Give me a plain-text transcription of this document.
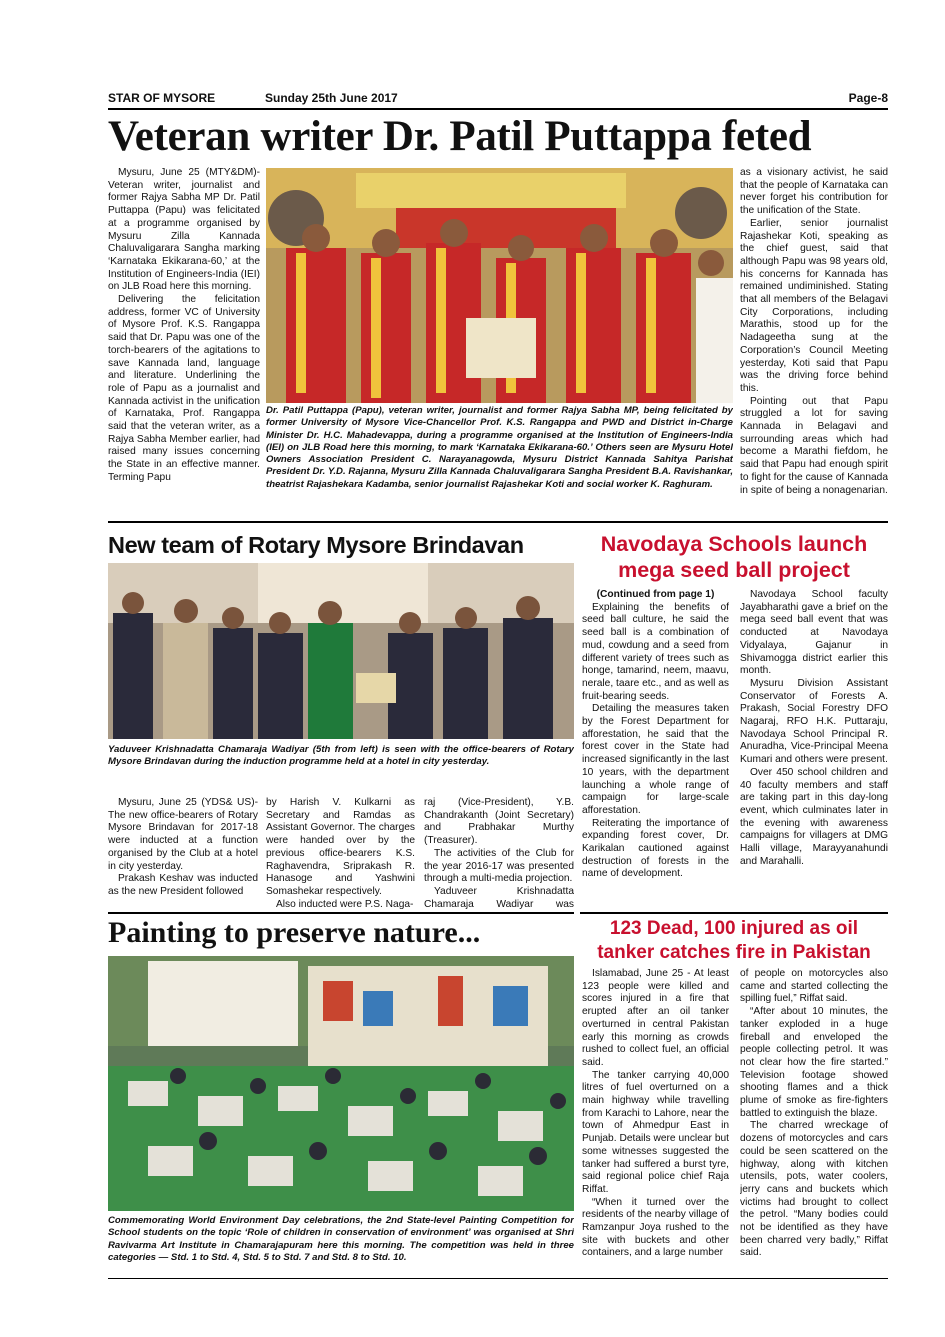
STAR OF MYSORE	Sunday 25th June 2017	Page-8
Veteran writer Dr. Patil Puttappa feted

Mysuru, June 25 (MTY&DM)- Veteran writer, journalist and former Rajya Sabha MP Dr. Patil Puttappa (Papu) was felicitated at a programme organised by Mysuru Zilla Kannada Chaluvaligarara Sangha marking ‘Karnataka Ekikarana-60,’ at the Institution of Engineers-India (IEI) on JLB Road here this morning.

Delivering the felicitation address, former VC of University of Mysore Prof. K.S. Rangappa said that Dr. Papu was one of the torch-bearers of the agitations to save Kannada land, language and literature. Underlining the role of Papu as a journalist and Kannada activist in the unification of Karnataka, Prof. Rangappa said that the veteran writer, as a Rajya Sabha Member earlier, had raised many issues concerning the State in an effective manner. Terming Papu

Dr. Patil Puttappa (Papu), veteran writer, journalist and former Rajya Sabha MP, being felicitated by former University of Mysore Vice-Chancellor Prof. K.S. Rangappa and PWD and District in-Charge Minister Dr. H.C. Mahadevappa, during a programme organised at the Institution of Engineers-India (IEI) on JLB Road here this morning, to mark ‘Karnataka Ekikarana-60.’ Others seen are Mysuru Hotel Owners Association President C. Narayanagowda, Mysuru District Kannada Sahitya Parishat President Dr. Y.D. Rajanna, Mysuru Zilla Kannada Chaluvaligarara Sangha President B.A. Ravishankar, theatrist Rajashekara Kadamba, senior journalist Rajashekar Koti and social worker K. Raghuram.

as a visionary activist, he said that the people of Karnataka can never forget his contribution for the unification of the State.

Earlier, senior journalist Rajashekar Koti, speaking as the chief guest, said that although Papu was 98 years old, his concerns for Kannada has remained undiminished. Stating that all members of the Belagavi City Corporations, including Marathis, stood up for the Nadageetha sung at the Corporation’s Council Meeting yesterday, Koti said that Papu was the driving force behind this.

Pointing out that Papu struggled a lot for saving Kannada in Belagavi and surrounding areas which had become a Marathi fiefdom, he said that Papu had enough spirit to fight for the cause of Kannada in spite of being a nonagenarian.

New team of Rotary Mysore Brindavan
Yaduveer Krishnadatta Chamaraja Wadiyar (5th from left) is seen with the office-bearers of Rotary Mysore Brindavan during the induction programme held at a hotel in city yesterday.

Mysuru, June 25 (YDS& US)- The new office-bearers of Rotary Mysore Brindavan for 2017-18 were inducted at a function organised by the Club at a hotel in city yesterday.

Prakash Keshav was inducted as the new President followed

by Harish V. Kulkarni as Secretary and Ramdas as Assistant Governor. The charges were handed over by the previous office-bearers K.S. Raghavendra, Sriprakash R. Hanasoge and Yashwini Somashekar respectively.

Also inducted were P.S. Naga-

raj (Vice-President), Y.B. Chandrakanth (Joint Secretary) and Prabhakar Murthy (Treasurer).

The activities of the Club for the year 2016-17 was presented through a multi-media projection.

Yaduveer Krishnadatta Chamaraja Wadiyar was

Navodaya Schools launch mega seed ball project

(Continued from page 1)

Explaining the benefits of seed ball culture, he said the seed ball is a combination of mud, cowdung and a seed from different variety of trees such as honge, tamarind, neem, maavu, nerale, taare etc., and as well as fruit-bearing seeds.

Detailing the measures taken by the Forest Department for afforestation, he said that the forest cover in the State had increased significantly in the last 10 years, with the department launching a whole range of campaign for large-scale afforestation.

Reiterating the importance of expanding forest cover, Dr. Karikalan cautioned against destruction of forests in the name of development.

Navodaya School faculty Jayabharathi gave a brief on the mega seed ball event that was conducted at Navodaya Vidyalaya, Gajanur in Shivamogga district earlier this month.

Mysuru Division Assistant Conservator of Forests A. Prakash, Social Forestry DFO Nagaraj, RFO H.K. Puttaraju, Navodaya School Principal R. Anuradha, Vice-Principal Meena Kumari and others were present.

Over 450 school children and 40 faculty members and staff are taking part in this day-long event, which culminates later in the evening with awareness campaigns for villagers at DMG Halli village, Marayyanahundi and Marahalli.

Painting to preserve nature...
Commemorating World Environment Day celebrations, the 2nd State-level Painting Competition for School students on the topic ‘Role of children in conservation of environment’ was organised at Shri Ravivarma Art Institute in Chamarajapuram here this morning. The competition was held in three categories — Std. 1 to Std. 4, Std. 5 to Std. 7 and Std. 8 to Std. 10.
123 Dead, 100 injured as oil tanker catches fire in Pakistan

Islamabad, June 25 - At least 123 people were killed and scores injured in a fire that erupted after an oil tanker overturned in central Pakistan early this morning as crowds rushed to collect fuel, an official said.

The tanker carrying 40,000 litres of fuel overturned on a main highway while travelling from Karachi to Lahore, near the town of Ahmedpur East in Punjab. Details were unclear but some witnesses suggested the tanker had suffered a burst tyre, said regional police chief Raja Riffat.

“When it turned over the residents of the nearby village of Ramzanpur Joya rushed to the site with buckets and other containers, and a large number

of people on motorcycles also came and started collecting the spilling fuel,” Riffat said.

“After about 10 minutes, the tanker exploded in a huge fireball and enveloped the people collecting petrol. It was not clear how the fire started.” Television footage showed shooting flames and a thick plume of smoke as fire-fighters battled to extinguish the blaze.

The charred wreckage of dozens of motorcycles and cars could be seen scattered on the highway, along with kitchen utensils, pots, water coolers, jerry cans and buckets which victims had brought to collect the petrol. “Many bodies could not be identified as they have been charred very badly,” Riffat said.
